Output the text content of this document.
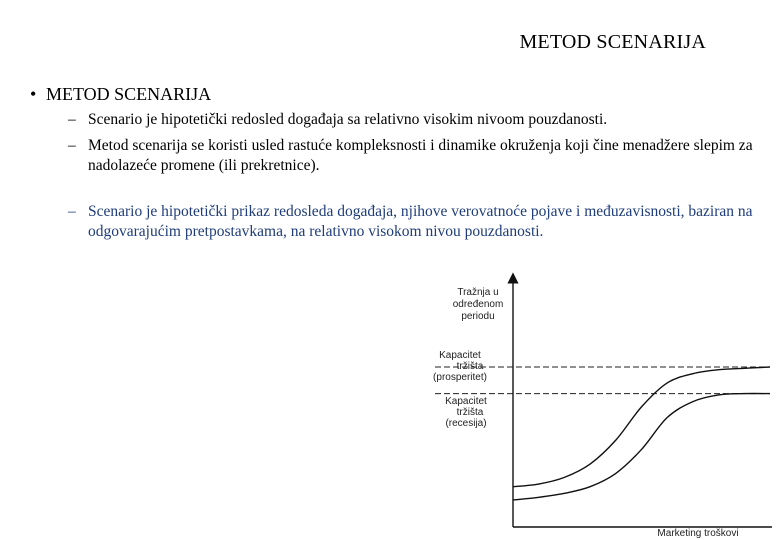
METOD SCENARIJA
• METOD SCENARIJA
– Scenario je hipotetički redosled događaja sa relativno visokim nivoom pouzdanosti.
– Metod scenarija se koristi usled rastuće kompleksnosti i dinamike okruženja koji čine menadžere slepim za nadolazeće promene (ili prekretnice).
– Scenario je hipotetički prikaz redosleda događaja, njihove verovatnoće pojave i međuzavisnosti, baziran na odgovarajućim pretpostavkama, na relativno visokom nivou pouzdanosti.
Tražnja u
određenom
periodu
Kapacitet
tržišta
(prosperitet)
Kapacitet
tržišta
(recesija)
Marketing troškovi
